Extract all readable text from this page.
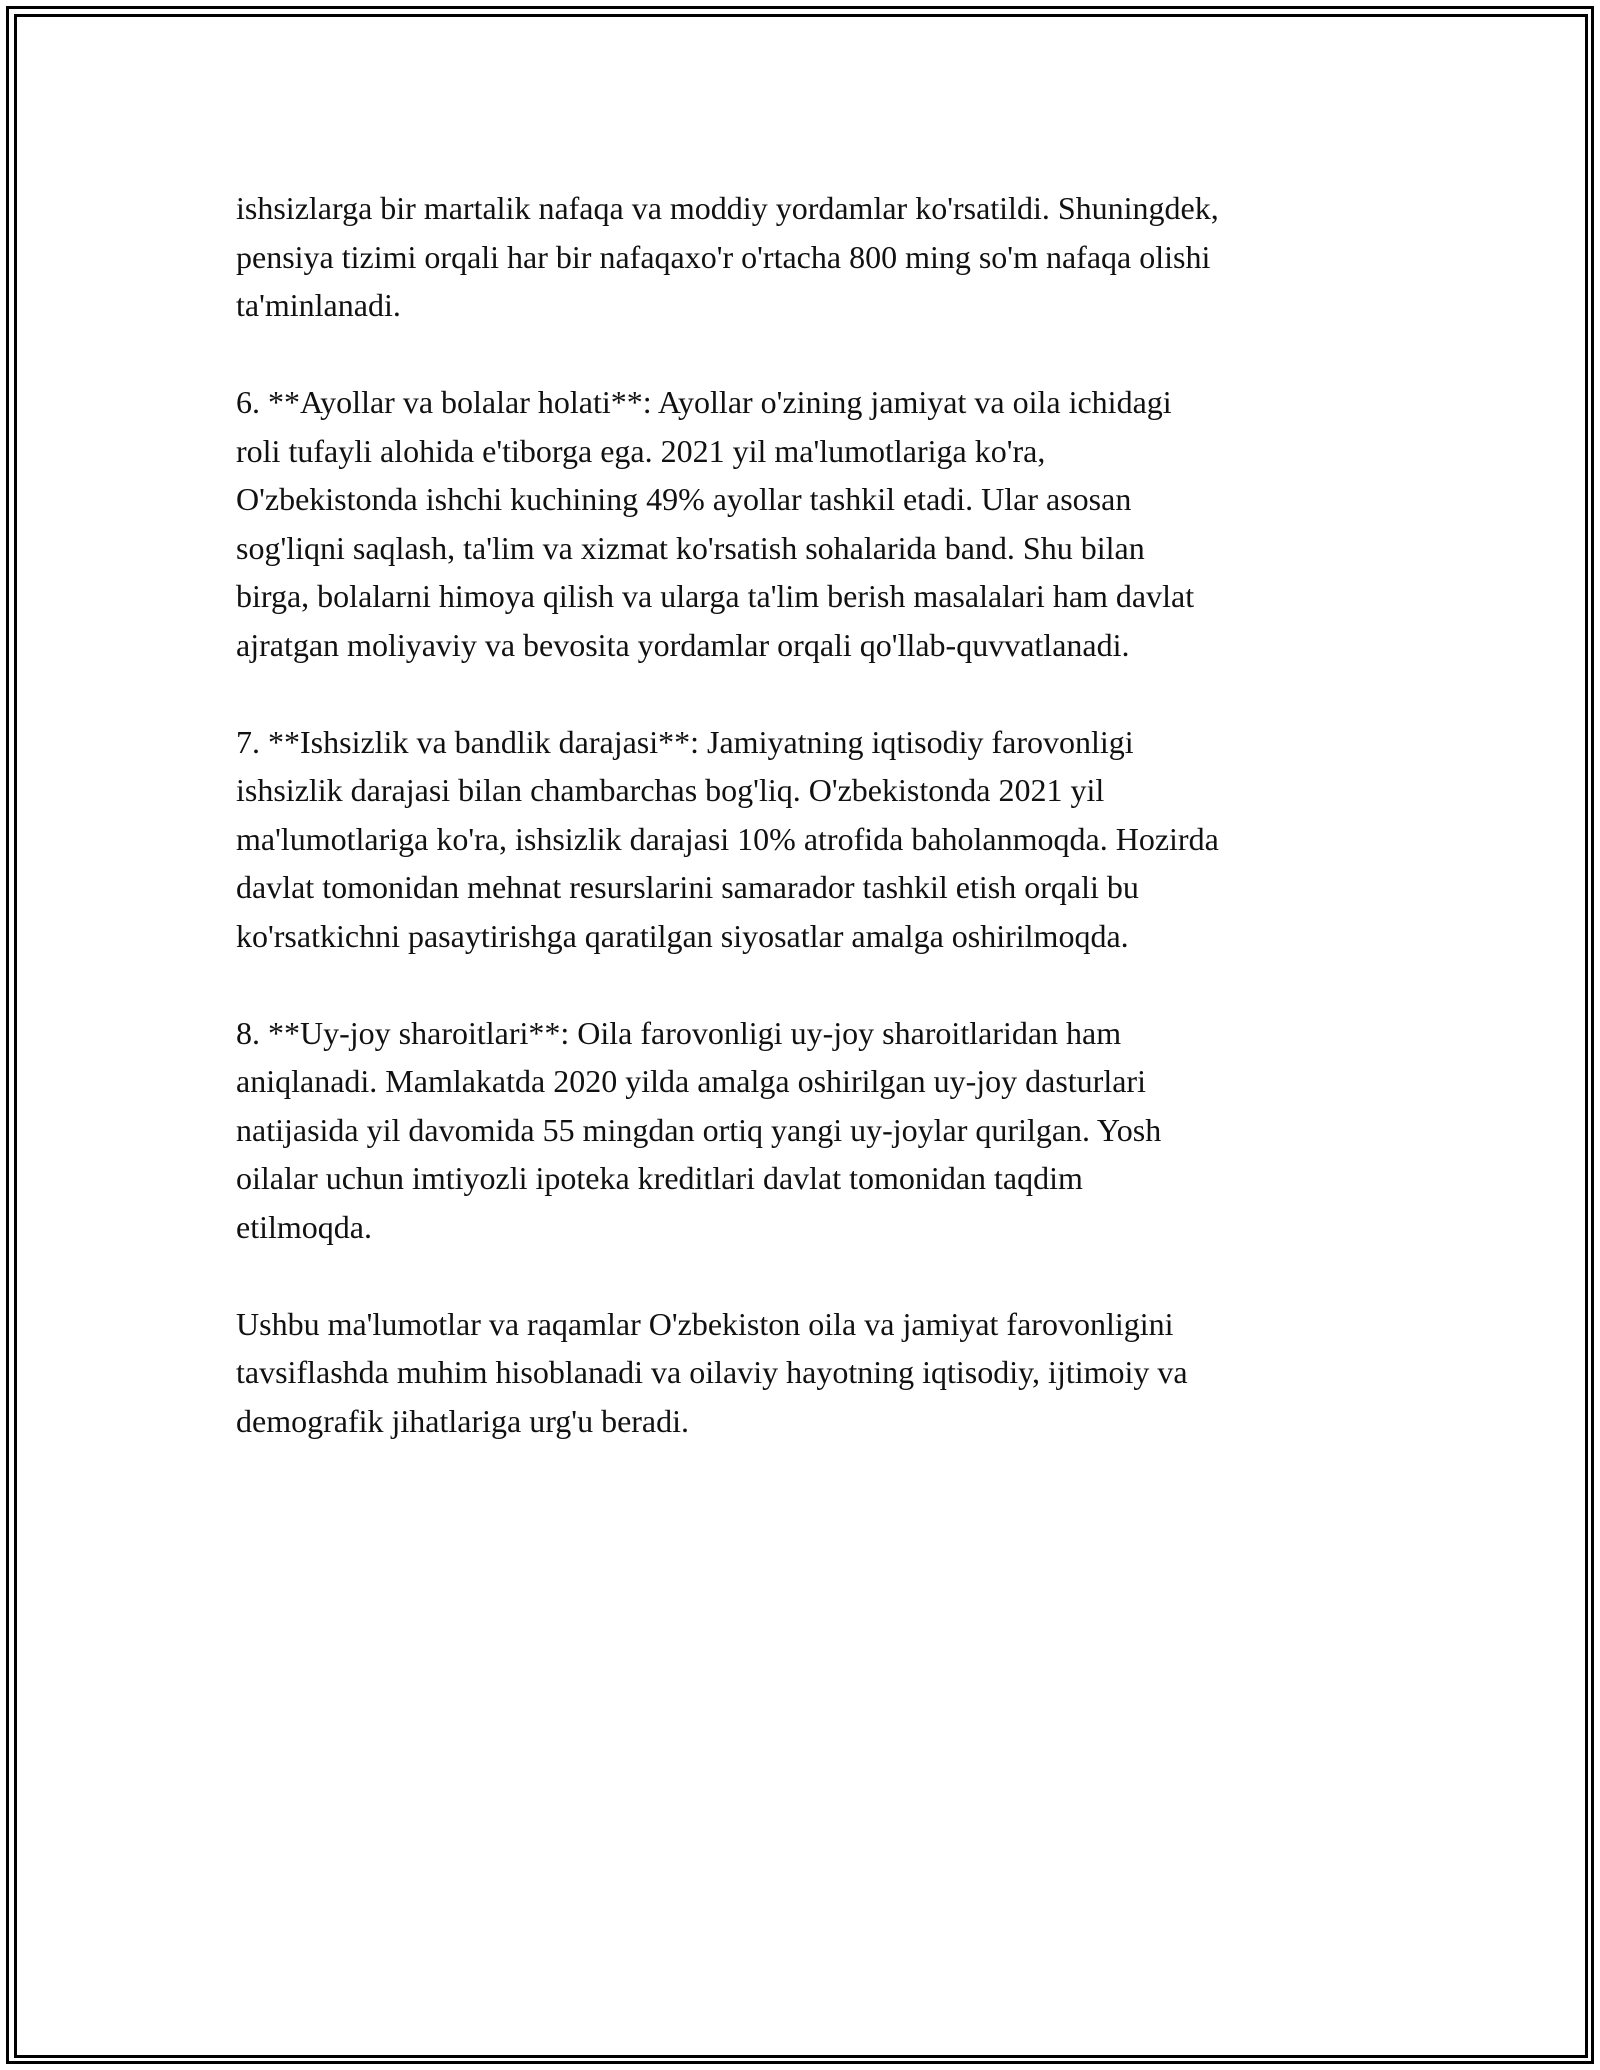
ishsizlarga bir martalik nafaqa va moddiy yordamlar ko'rsatildi. Shuningdek,
pensiya tizimi orqali har bir nafaqaxo'r o'rtacha 800 ming so'm nafaqa olishi
ta'minlanadi.

6. **Ayollar va bolalar holati**: Ayollar o'zining jamiyat va oila ichidagi
roli tufayli alohida e'tiborga ega. 2021 yil ma'lumotlariga ko'ra,
O'zbekistonda ishchi kuchining 49% ayollar tashkil etadi. Ular asosan
sog'liqni saqlash, ta'lim va xizmat ko'rsatish sohalarida band. Shu bilan
birga, bolalarni himoya qilish va ularga ta'lim berish masalalari ham davlat
ajratgan moliyaviy va bevosita yordamlar orqali qo'llab-quvvatlanadi.

7. **Ishsizlik va bandlik darajasi**: Jamiyatning iqtisodiy farovonligi
ishsizlik darajasi bilan chambarchas bog'liq. O'zbekistonda 2021 yil
ma'lumotlariga ko'ra, ishsizlik darajasi 10% atrofida baholanmoqda. Hozirda
davlat tomonidan mehnat resurslarini samarador tashkil etish orqali bu
ko'rsatkichni pasaytirishga qaratilgan siyosatlar amalga oshirilmoqda.

8. **Uy-joy sharoitlari**: Oila farovonligi uy-joy sharoitlaridan ham
aniqlanadi. Mamlakatda 2020 yilda amalga oshirilgan uy-joy dasturlari
natijasida yil davomida 55 mingdan ortiq yangi uy-joylar qurilgan. Yosh
oilalar uchun imtiyozli ipoteka kreditlari davlat tomonidan taqdim
etilmoqda.

Ushbu ma'lumotlar va raqamlar O'zbekiston oila va jamiyat farovonligini
tavsiflashda muhim hisoblanadi va oilaviy hayotning iqtisodiy, ijtimoiy va
demografik jihatlariga urg'u beradi.
